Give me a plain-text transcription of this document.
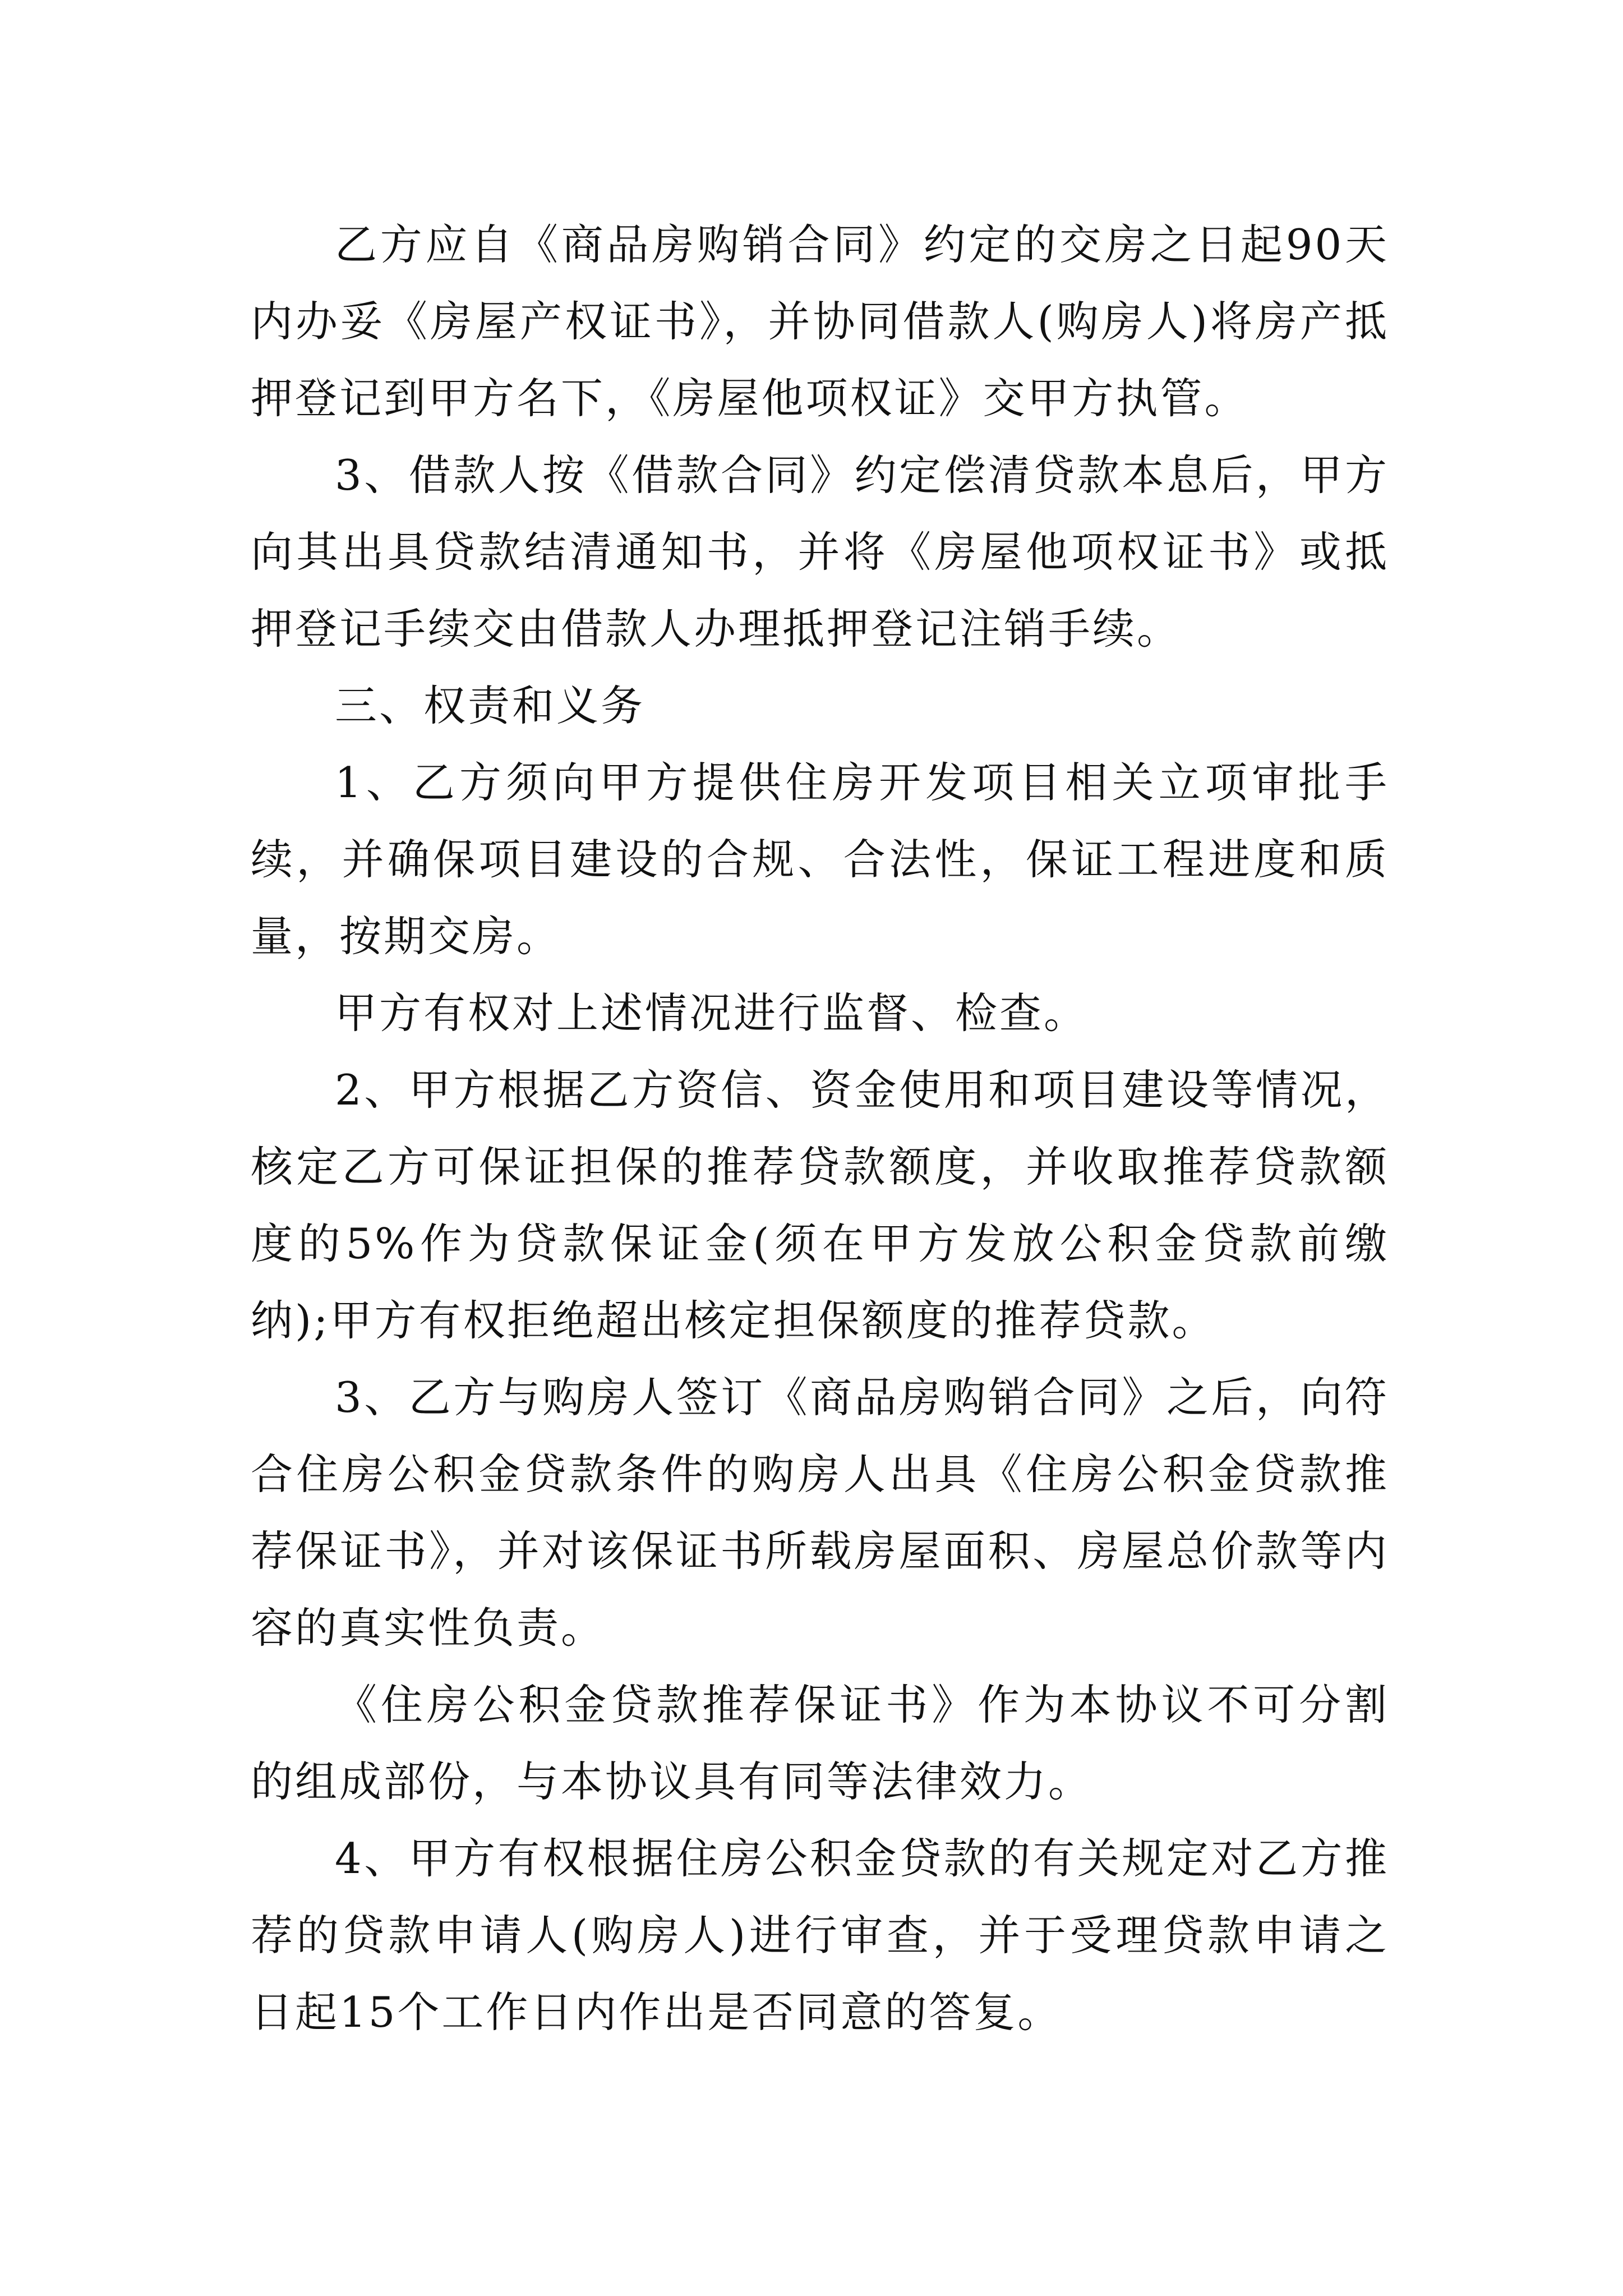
乙方应自《商品房购销合同》约定的交房之日起90天内办妥《房屋产权证书》，并协同借款人(购房人)将房产抵押登记到甲方名下，《房屋他项权证》交甲方执管。

3、借款人按《借款合同》约定偿清贷款本息后，甲方向其出具贷款结清通知书，并将《房屋他项权证书》或抵押登记手续交由借款人办理抵押登记注销手续。

三、权责和义务

1、乙方须向甲方提供住房开发项目相关立项审批手续，并确保项目建设的合规、合法性，保证工程进度和质量，按期交房。

甲方有权对上述情况进行监督、检查。

2、甲方根据乙方资信、资金使用和项目建设等情况，核定乙方可保证担保的推荐贷款额度，并收取推荐贷款额度的5%作为贷款保证金(须在甲方发放公积金贷款前缴纳);甲方有权拒绝超出核定担保额度的推荐贷款。

3、乙方与购房人签订《商品房购销合同》之后，向符合住房公积金贷款条件的购房人出具《住房公积金贷款推荐保证书》，并对该保证书所载房屋面积、房屋总价款等内容的真实性负责。

《住房公积金贷款推荐保证书》作为本协议不可分割的组成部份，与本协议具有同等法律效力。

4、甲方有权根据住房公积金贷款的有关规定对乙方推荐的贷款申请人(购房人)进行审查，并于受理贷款申请之日起15个工作日内作出是否同意的答复。
